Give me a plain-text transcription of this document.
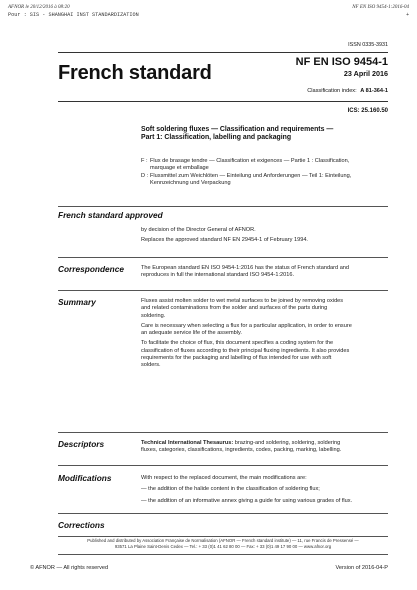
AFNOR le 20/12/2016 à 08:20
Pour : SIS - SHANGHAI INST STANDARDIZATION
NF EN ISO 9454-1:2016-04
+
ISSN 0335-3931
French standard	NF EN ISO 9454-1
23 April 2016
Classification index: A 81-364-1
ICS: 25.160.50
Soft soldering fluxes — Classification and requirements —
Part 1: Classification, labelling and packaging
F : Flux de brasage tendre — Classification et exigences — Partie 1 : Classification,
marquage et emballage
D : Flussmittel zum Weichlöten — Einteilung und Anforderungen — Teil 1: Einteilung,
Kennzeichnung und Verpackung
French standard approved
by decision of the Director General of AFNOR.
Replaces the approved standard NF EN 29454-1 of February 1994.
Correspondence	The European standard EN ISO 9454-1:2016 has the status of French standard and
reproduces in full the international standard ISO 9454-1:2016.
Summary	Fluxes assist molten solder to wet metal surfaces to be joined by removing oxides
and related contaminations from the solder and surfaces of the parts during
soldering.
Care is necessary when selecting a flux for a particular application, in order to ensure
an adequate service life of the assembly.
To facilitate the choice of flux, this document specifies a coding system for the
classification of fluxes according to their principal fluxing ingredients. It also provides
requirements for the packaging and labelling of flux intended for use with soft
solders.
Descriptors	Technical International Thesaurus: brazing-and soldering, soldering, soldering
fluxes, categories, classifications, ingredients, codes, packing, marking, labelling.
Modifications	With respect to the replaced document, the main modifications are:
— the addition of the halide content in the classification of soldering flux;
— the addition of an informative annex giving a guide for using various grades of flux.
Corrections
Published and distributed by Association Française de Normalisation (AFNOR — French standard institute) — 11, rue Francis de Pressensé —
93571 La Plaine Saint-Denis Cedex — Tel.: + 33 (0)1 41 62 80 00 — Fax: + 33 (0)1 49 17 90 00 — www.afnor.org
© AFNOR — All rights reserved	Version of 2016-04-P
